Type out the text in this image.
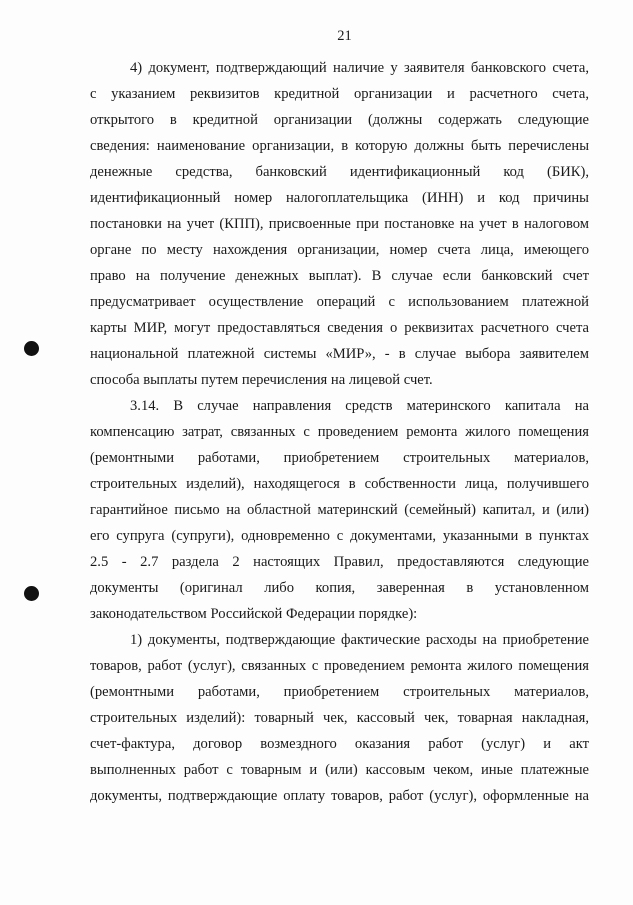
21
4) документ, подтверждающий наличие у заявителя банковского счета,
с указанием реквизитов кредитной организации и расчетного счета,
открытого в кредитной организации (должны содержать следующие
сведения: наименование организации, в которую должны быть перечислены
денежные средства, банковский идентификационный код (БИК),
идентификационный номер налогоплательщика (ИНН) и код причины
постановки на учет (КПП), присвоенные при постановке на учет в налоговом
органе по месту нахождения организации, номер счета лица, имеющего
право на получение денежных выплат). В случае если банковский счет
предусматривает осуществление операций с использованием платежной
карты МИР, могут предоставляться сведения о реквизитах расчетного счета
национальной платежной системы «МИР», - в случае выбора заявителем
способа выплаты путем перечисления на лицевой счет.
3.14. В случае направления средств материнского капитала на
компенсацию затрат, связанных с проведением ремонта жилого помещения
(ремонтными работами, приобретением строительных материалов,
строительных изделий), находящегося в собственности лица, получившего
гарантийное письмо на областной материнский (семейный) капитал, и (или)
его супруга (супруги), одновременно с документами, указанными в пунктах
2.5 - 2.7 раздела 2 настоящих Правил, предоставляются следующие
документы (оригинал либо копия, заверенная в установленном
законодательством Российской Федерации порядке):
1) документы, подтверждающие фактические расходы на приобретение
товаров, работ (услуг), связанных с проведением ремонта жилого помещения
(ремонтными работами, приобретением строительных материалов,
строительных изделий): товарный чек, кассовый чек, товарная накладная,
счет-фактура, договор возмездного оказания работ (услуг) и акт
выполненных работ с товарным и (или) кассовым чеком, иные платежные
документы, подтверждающие оплату товаров, работ (услуг), оформленные на
